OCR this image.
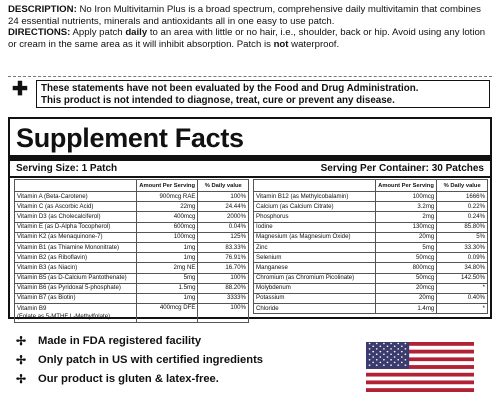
DESCRIPTION: No Iron Multivitamin Plus is a broad spectrum, comprehensive daily multivitamin that combines 24 essential nutrients, minerals and antioxidants all in one easy to use patch.

DIRECTIONS: Apply patch daily to an area with little or no hair, i.e., shoulder, back or hip. Avoid using any lotion or cream in the same area as it will inhibit absorption. Patch is not waterproof.

✚ These statements have not been evaluated by the Food and Drug Administration.

This product is not intended to diagnose, treat, cure or prevent any disease.

Supplement Facts
Serving Size: 1 Patch	Serving Per Container: 30 Patches
	Amount Per Serving	% Daily value
Vitamin A (Beta-Carotene)	900mcg RAE	100%
Vitamin C (as Ascorbic Acid)	22mg	24.44%
Vitamin D3 (as Cholecalciferol)	400mcg	2000%
Vitamin E (as D-Alpha Tocopherol)	600mcg	0.04%
Vitamin K2 (as Menaquinone-7)	100mcg	125%
Vitamin B1 (as Thiamine Mononitrate)	1mg	83.33%
Vitamin B2 (as Riboflavin)	1mg	76.91%
Vitamin B3 (as Niacin)	2mg NE	16.70%
Vitamin B5 (as D-Calcium Pantothenate)	5mg	100%
Vitamin B6 (as Pyridoxal 5-phosphate)	1.5mg	88.20%
Vitamin B7 (as Biotin)	1mg	3333%

Vitamin B9
(Folate as 5-MTHF L-Methylfolate)	400mcg DFE	100%
	Amount Per Serving	% Daily value
Vitamin B12 (as Methylcobalamin)	100mcg	1666%
Calcium (as Calcium Citrate)	3.2mg	0.22%
Phosphorus	2mg	0.24%
Iodine	130mcg	85.80%
Magnesium (as Magnesium Oxide)	20mg	5%
Zinc	5mg	33.30%
Selenium	50mcg	0.09%
Manganese	800mcg	34.80%
Chromium (as Chromium Picolinate)	50mcg	142.50%
Molybdenum	20mcg	*
Potassium	20mg	0.40%
Chloride	1.4mg	*
✢	Made in FDA registered facility
✢	Only patch in US with certified ingredients
✢	Our product is gluten & latex-free.
